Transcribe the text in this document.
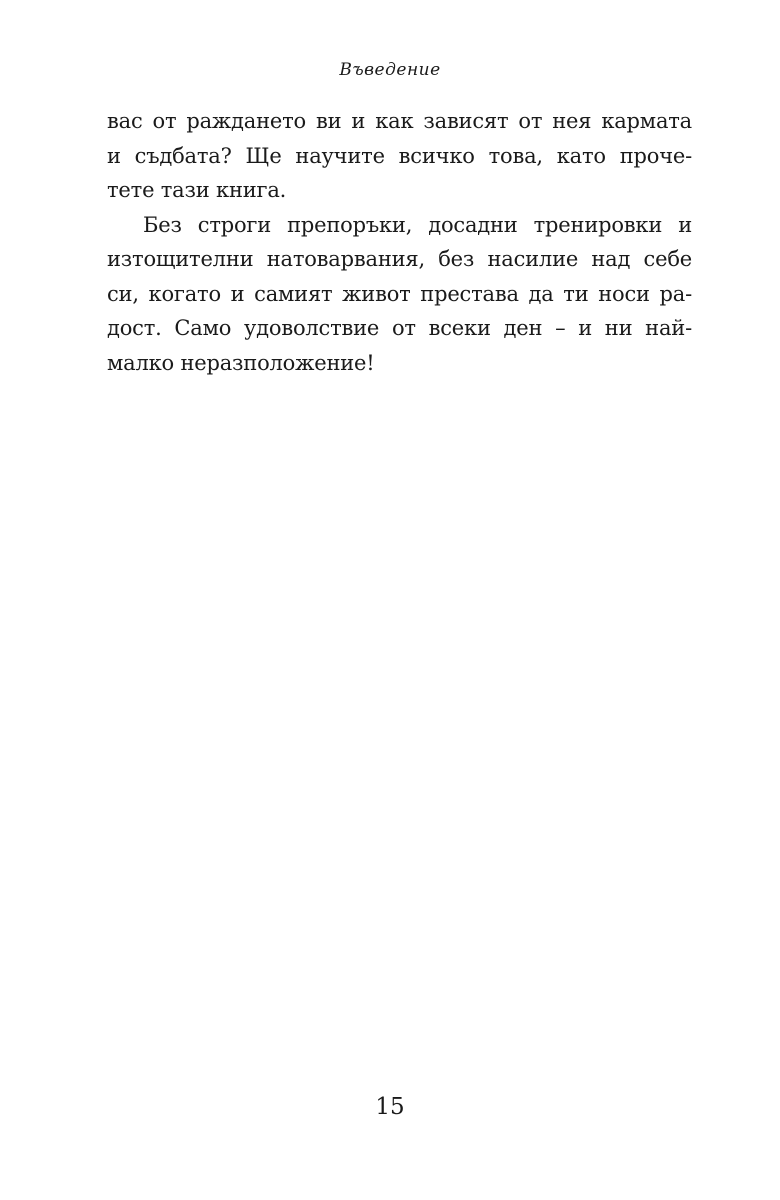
Въведение
вас от раждането ви и как зависят от нея кармата
и съдбата? Ще научите всичко това, като проче-
тете тази книга.
Без строги препоръки, досадни тренировки и
изтощителни натоварвания, без насилие над себе
си, когато и самият живот престава да ти носи ра-
дост. Само удоволствие от всеки ден – и ни най-
малко неразположение!
15
